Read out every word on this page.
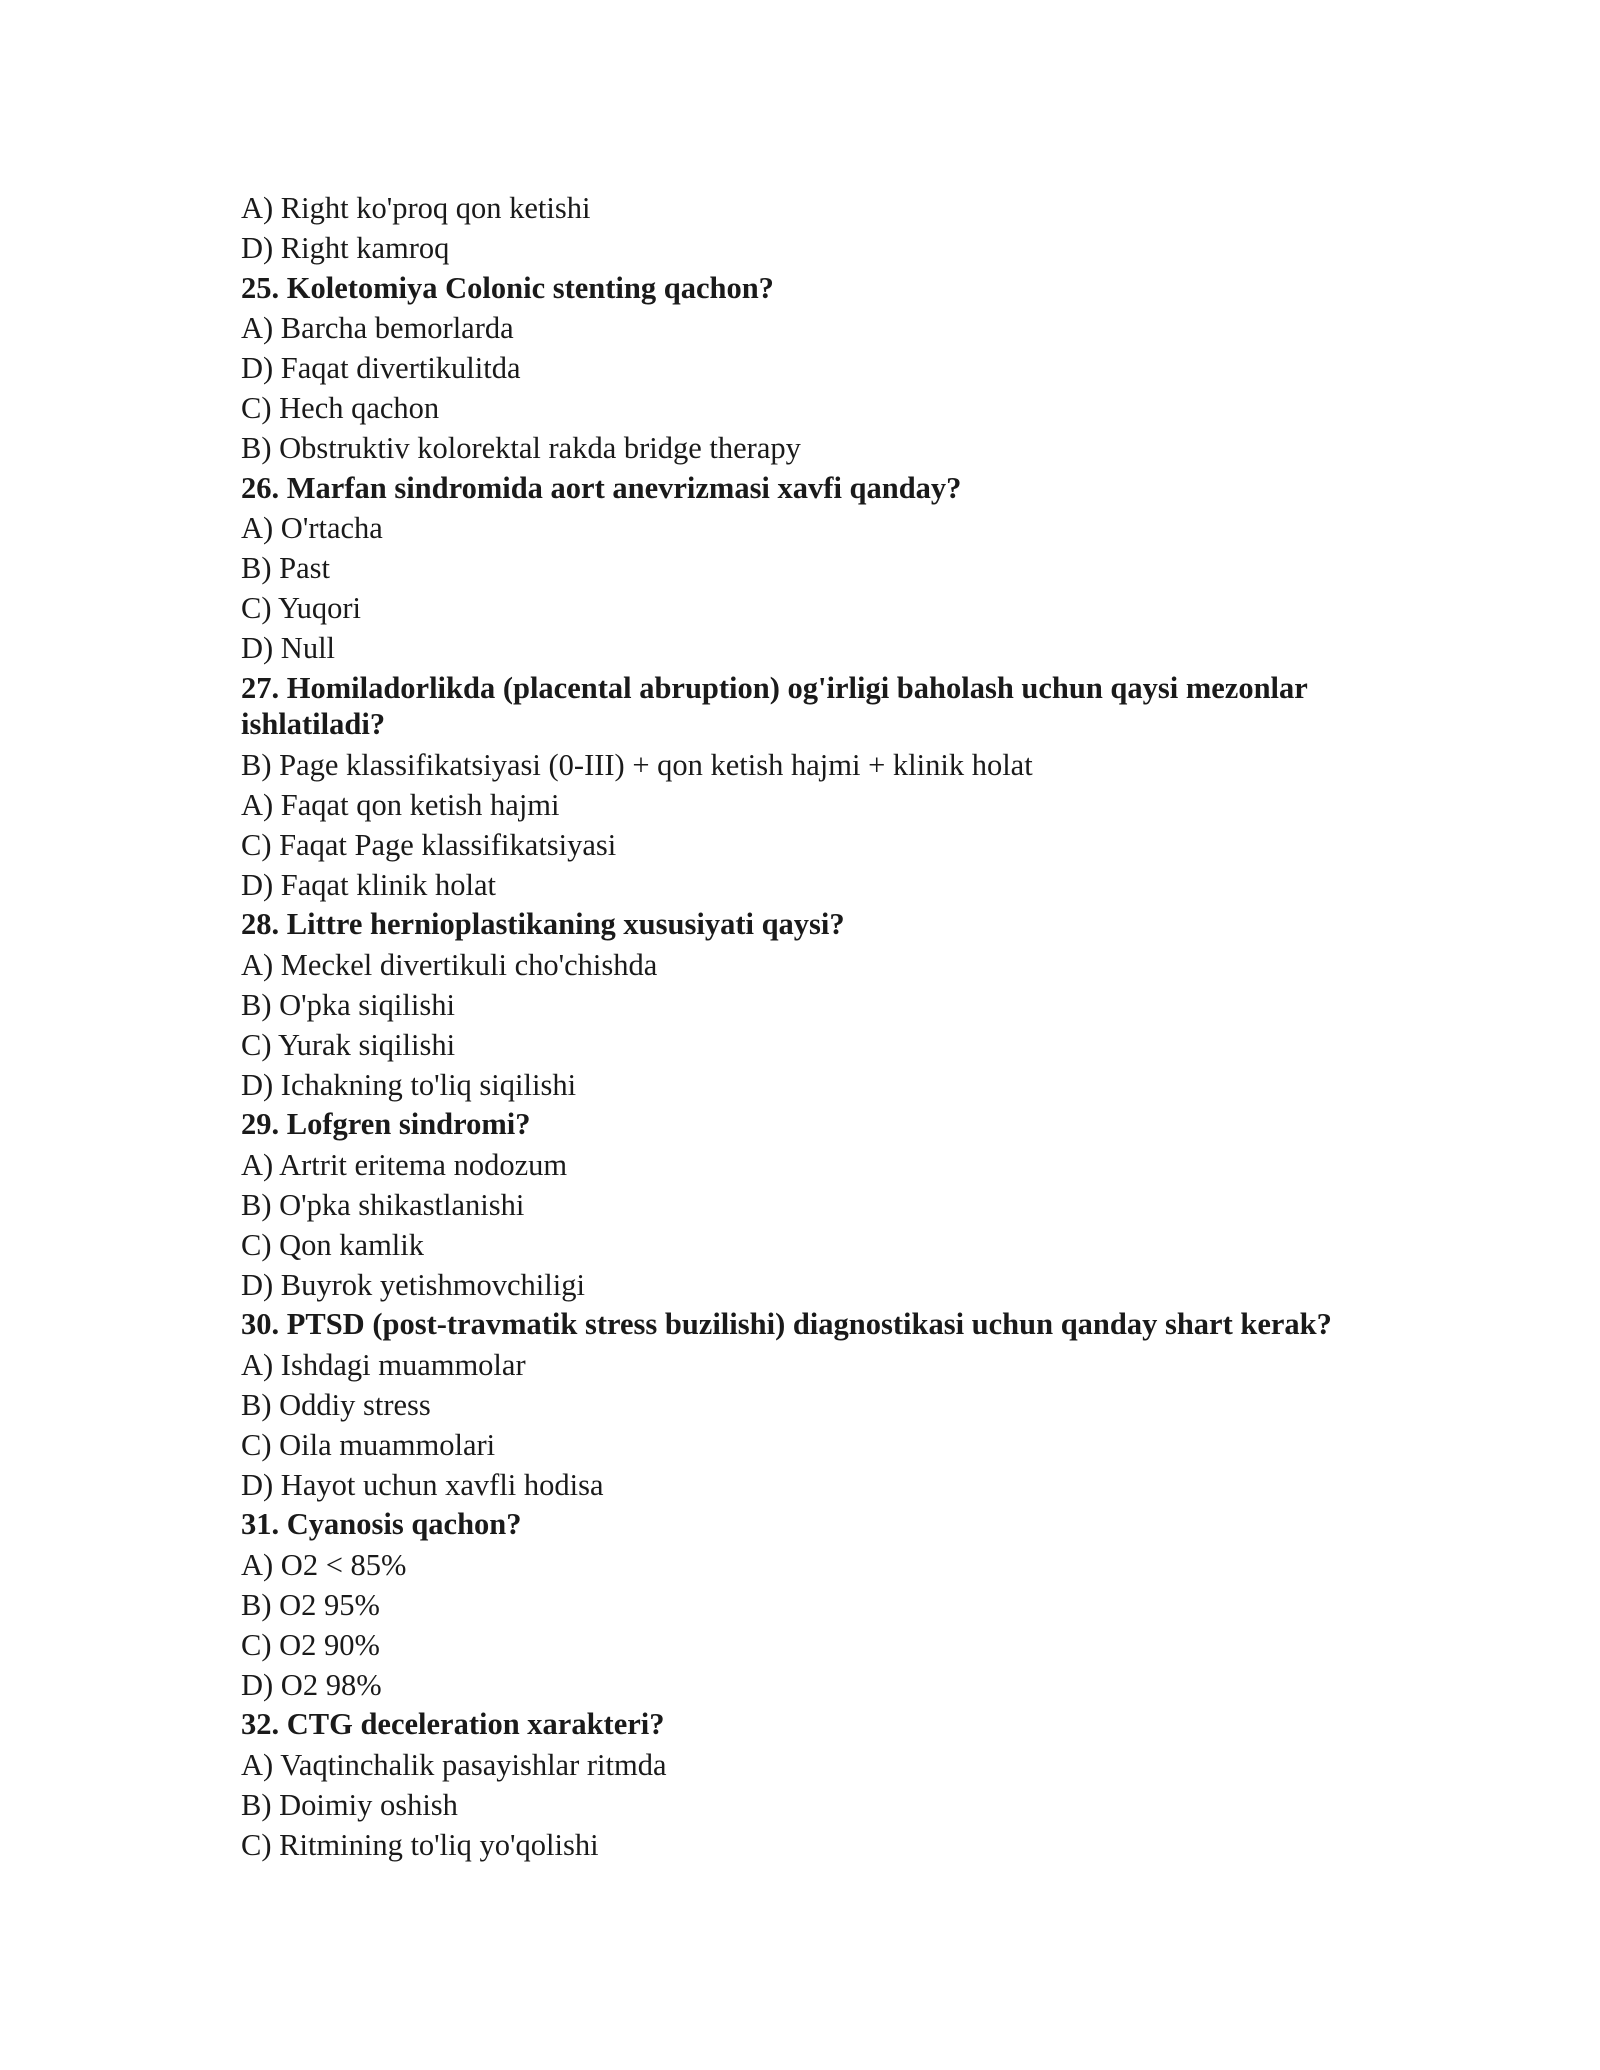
A) Right ko'proq qon ketishi

D) Right kamroq

25. Koletomiya Colonic stenting qachon?

A) Barcha bemorlarda

D) Faqat divertikulitda

C) Hech qachon

B) Obstruktiv kolorektal rakda bridge therapy

26. Marfan sindromida aort anevrizmasi xavfi qanday?

A) O'rtacha

B) Past

C) Yuqori

D) Null

27. Homiladorlikda (placental abruption) og'irligi baholash uchun qaysi mezonlar ishlatiladi?

B) Page klassifikatsiyasi (0-III) + qon ketish hajmi + klinik holat

A) Faqat qon ketish hajmi

C) Faqat Page klassifikatsiyasi

D) Faqat klinik holat

28. Littre hernioplastikaning xususiyati qaysi?

A) Meckel divertikuli cho'chishda

B) O'pka siqilishi

C) Yurak siqilishi

D) Ichakning to'liq siqilishi

29. Lofgren sindromi?

A) Artrit eritema nodozum

B) O'pka shikastlanishi

C) Qon kamlik

D) Buyrok yetishmovchiligi

30. PTSD (post-travmatik stress buzilishi) diagnostikasi uchun qanday shart kerak?

A) Ishdagi muammolar

B) Oddiy stress

C) Oila muammolari

D) Hayot uchun xavfli hodisa

31. Cyanosis qachon?

A) O2 < 85%

B) O2 95%

C) O2 90%

D) O2 98%

32. CTG deceleration xarakteri?

A) Vaqtinchalik pasayishlar ritmda

B) Doimiy oshish

C) Ritmining to'liq yo'qolishi
